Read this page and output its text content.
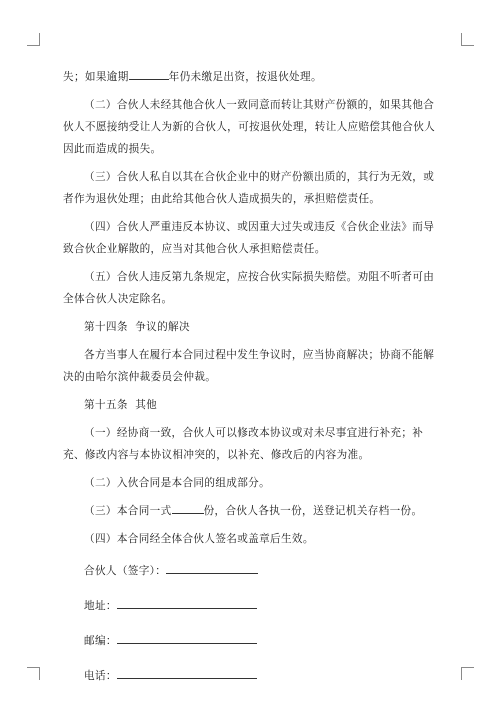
失；如果逾期	年仍未缴足出资，按退伙处理。

（二）合伙人未经其他合伙人一致同意而转让其财产份额的，如果其他合伙人不愿接纳受让人为新的合伙人，可按退伙处理，转让人应赔偿其他合伙人因此而造成的损失。

（三）合伙人私自以其在合伙企业中的财产份额出质的，其行为无效，或者作为退伙处理；由此给其他合伙人造成损失的，承担赔偿责任。

（四）合伙人严重违反本协议、或因重大过失或违反《合伙企业法》而导致合伙企业解散的，应当对其他合伙人承担赔偿责任。

（五）合伙人违反第九条规定，应按合伙实际损失赔偿。劝阻不听者可由全体合伙人决定除名。

第十四条  争议的解决

各方当事人在履行本合同过程中发生争议时，应当协商解决；协商不能解决的由哈尔滨仲裁委员会仲裁。

第十五条  其他

（一）经协商一致，合伙人可以修改本协议或对未尽事宜进行补充；补充、修改内容与本协议相冲突的，以补充、修改后的内容为准。

（二）入伙合同是本合同的组成部分。

（三）本合同一式	份，合伙人各执一份，送登记机关存档一份。

（四）本合同经全体合伙人签名或盖章后生效。

合伙人（签字）：
地址：
邮编：
电话：
